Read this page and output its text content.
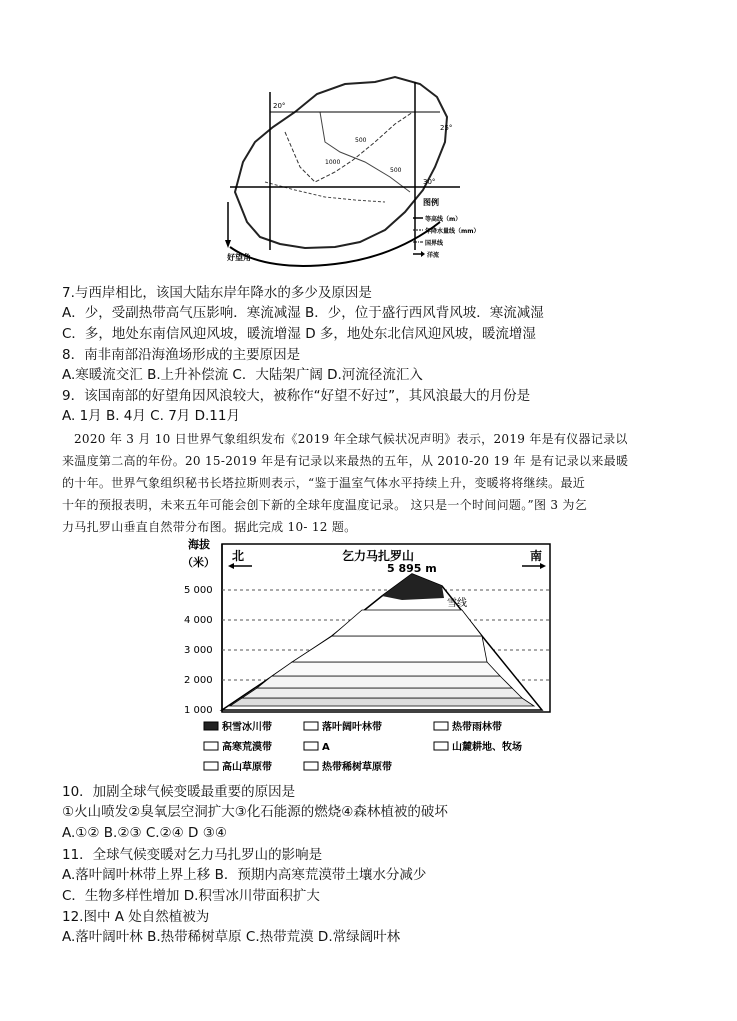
20°
25°
30°
1000
500
500
好望角
图例
等高线（m）
年降水量线（mm）
国界线
洋流
7.与西岸相比，该国大陆东岸年降水的多少及原因是
A．少，受副热带高气压影响．寒流减湿 B．少，位于盛行西风背风坡．寒流减湿
C．多，地处东南信风迎风坡，暖流增湿 D 多，地处东北信风迎风坡，暖流增湿
8．南非南部沿海渔场形成的主要原因是
A.寒暖流交汇 B.上升补偿流 C．大陆架广阔 D.河流径流汇入
9．该国南部的好望角因风浪较大，被称作“好望不好过”，其风浪最大的月份是
A. 1月 B. 4月 C. 7月 D.11月
2020 年 3 月 10 日世界气象组织发布《2019 年全球气候状况声明》表示，2019 年是有仪器记录以
来温度第二高的年份。20 15-2019 年是有记录以来最热的五年，从 2010-20 19 年 是有记录以来最暖
的十年。世界气象组织秘书长塔拉斯则表示，“鉴于温室气体水平持续上升，变暖将将继续。最近
十年的预报表明，未来五年可能会创下新的全球年度温度记录。 这只是一个时间问题。”图 3 为乞
力马扎罗山垂直自然带分布图。据此完成 10- 12 题。
海拔
（米） 北	南
乞力马扎罗山
5 000
4 000
3 000
2 000
1 000
5 895 m
雪线
积雪冰川带	落叶阔叶林带	热带雨林带
高寒荒漠带	A	山麓耕地、牧场
高山草原带	热带稀树草原带
10．加剧全球气候变暖最重要的原因是
①火山喷发②臭氧层空洞扩大③化石能源的燃烧④森林植被的破坏
A.①② B.②③ C.②④ D ③④
11．全球气候变暖对乞力马扎罗山的影响是
A.落叶阔叶林带上界上移 B．预期内高寒荒漠带土壤水分减少
C．生物多样性增加 D.积雪冰川带面积扩大
12.图中 A 处自然植被为
A.落叶阔叶林 B.热带稀树草原 C.热带荒漠 D.常绿阔叶林
